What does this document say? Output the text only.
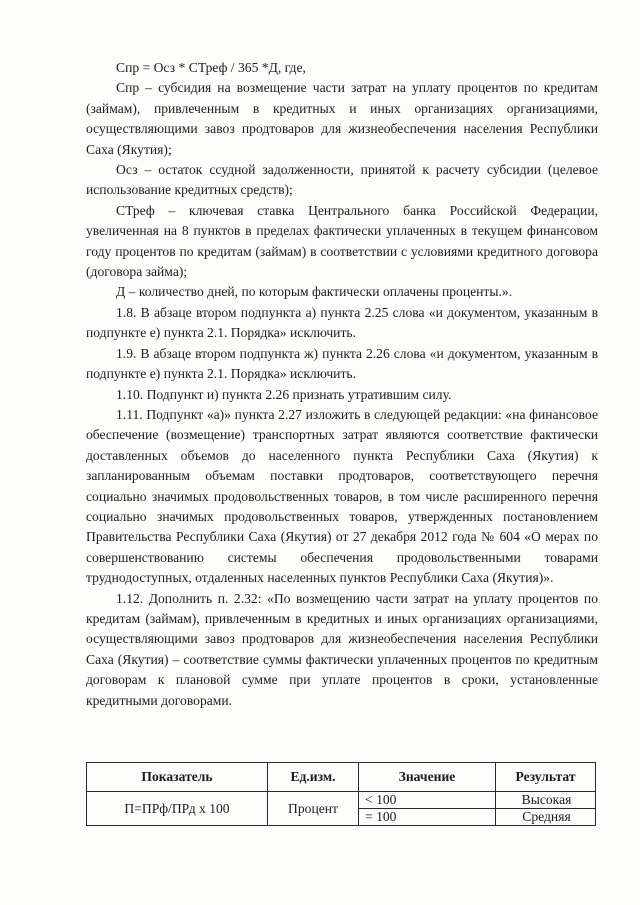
Спр = Осз * СТреф / 365 *Д, где,

Спр – субсидия на возмещение части затрат на уплату процентов по кредитам (займам), привлеченным в кредитных и иных организациях организациями, осуществляющими завоз продтоваров для жизнеобеспечения населения Республики Саха (Якутия);

Осз – остаток ссудной задолженности, принятой к расчету субсидии (целевое использование кредитных средств);

СТреф – ключевая ставка Центрального банка Российской Федерации, увеличенная на 8 пунктов в пределах фактически уплаченных в текущем финансовом году процентов по кредитам (займам) в соответствии с условиями кредитного договора (договора займа);

Д – количество дней, по которым фактически оплачены проценты.».

1.8. В абзаце втором подпункта а) пункта 2.25 слова «и документом, указанным в подпункте е) пункта 2.1. Порядка» исключить.

1.9. В абзаце втором подпункта ж) пункта 2.26 слова «и документом, указанным в подпункте е) пункта 2.1. Порядка» исключить.

1.10. Подпункт и) пункта 2.26 признать утратившим силу.

1.11. Подпункт «а)» пункта 2.27 изложить в следующей редакции: «на финансовое обеспечение (возмещение) транспортных затрат являются соответствие фактически доставленных объемов до населенного пункта Республики Саха (Якутия) к запланированным объемам поставки продтоваров, соответствующего перечня социально значимых продовольственных товаров, в том числе расширенного перечня социально значимых продовольственных товаров, утвержденных постановлением Правительства Республики Саха (Якутия) от 27 декабря 2012 года № 604 «О мерах по совершенствованию системы обеспечения продовольственными товарами труднодоступных, отдаленных населенных пунктов Республики Саха (Якутия)».

1.12. Дополнить п. 2.32: «По возмещению части затрат на уплату процентов по кредитам (займам), привлеченным в кредитных и иных организациях организациями, осуществляющими завоз продтоваров для жизнеобеспечения населения Республики Саха (Якутия) – соответствие суммы фактически уплаченных процентов по кредитным договорам к плановой сумме при уплате процентов в сроки, установленные кредитными договорами.

Показатель	Ед.изм.	Значение	Результат
П=ПРф/ПРд х 100	Процент	< 100	Высокая
		= 100	Средняя
